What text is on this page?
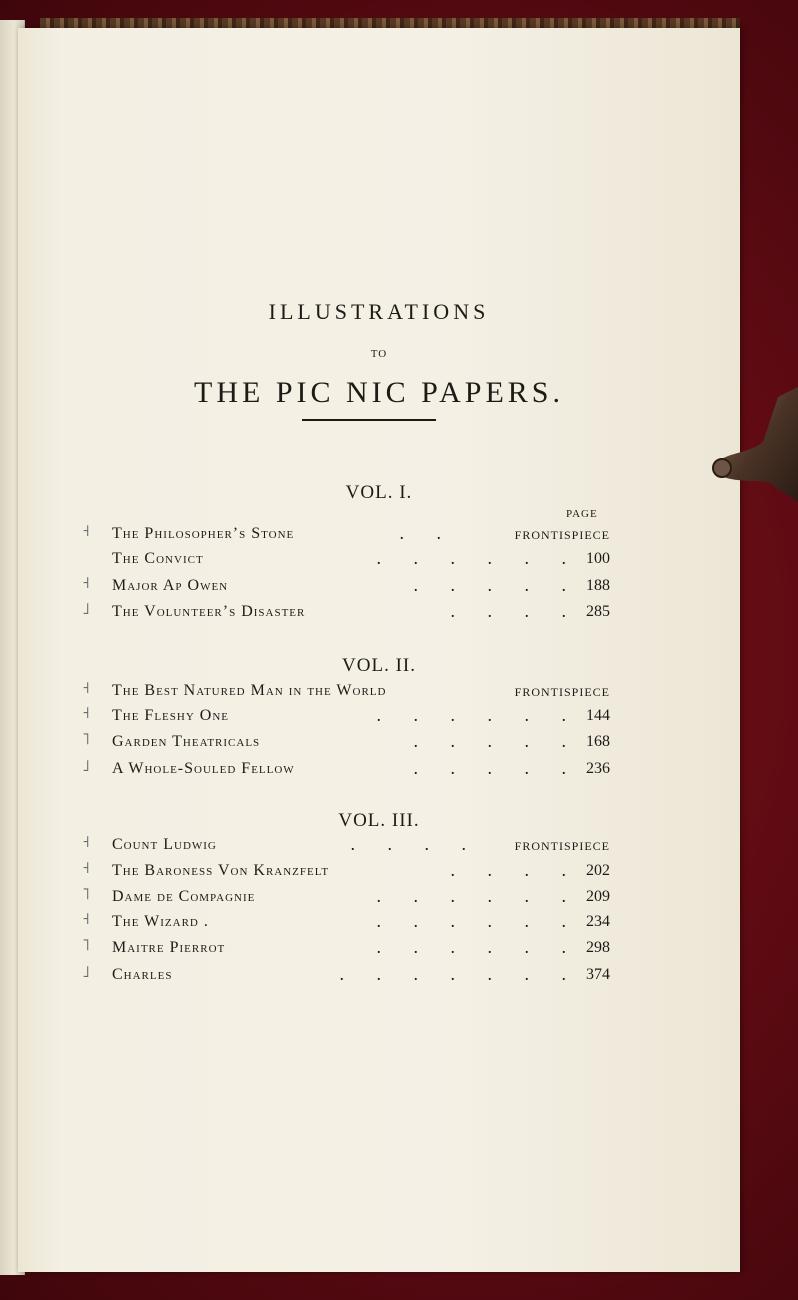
ILLUSTRATIONS
TO
THE PIC NIC PAPERS.
VOL. I.
PAGE
˧ The Philosopher’s Stone	. .	FRONTISPIECE
The Convict	. . . . . . 100
˧ Major Ap Owen	. . . . . 188
˩ The Volunteer’s Disaster	. . . . 285
VOL. II.
˧ The Best Natured Man in the World	FRONTISPIECE
˧ The Fleshy One	. . . . . . 144
˥ Garden Theatricals	. . . . . 168
˩ A Whole-Souled Fellow	. . . . . 236
VOL. III.
˧ Count Ludwig	. . . .	FRONTISPIECE
˧ The Baroness Von Kranzfelt	. . . . 202
˥ Dame de Compagnie	. . . . . . 209
˧ The Wizard .	. . . . . . 234
˥ Maitre Pierrot	. . . . . . 298
˩ Charles	. . . . . . . 374
